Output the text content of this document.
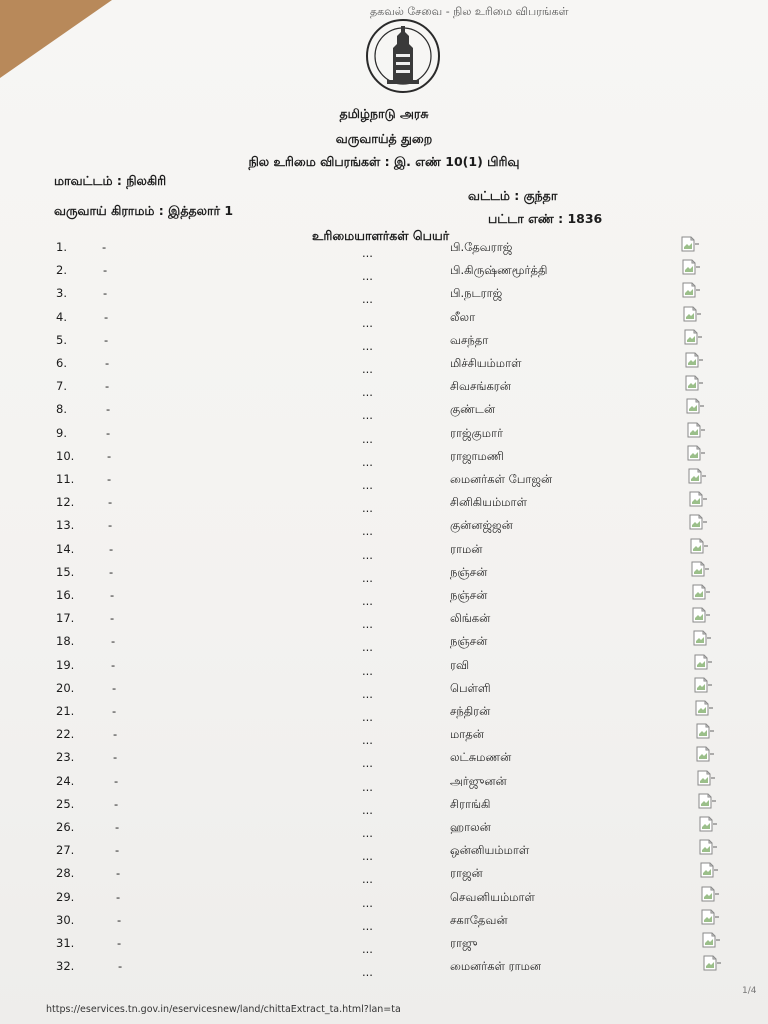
தகவல் சேவை - நில உரிமை விபரங்கள்
தமிழ்நாடு அரசு
வருவாய்த் துறை
நில உரிமை விபரங்கள் : இ. எண் 10(1) பிரிவு
மாவட்டம் : நிலகிரி
வட்டம் : குந்தா
வருவாய் கிராமம் : இத்தலார் 1
பட்டா எண் : 1836
உரிமையாளர்கள் பெயர்
1.	-	...	பி.தேவராஜ்
2.	-	...	பி.கிருஷ்ணமூர்த்தி
3.	-	...	பி.நடராஜ்
4.	-	...	லீலா
5.	-	...	வசந்தா
6.	-	...	மிச்சியம்மாள்
7.	-	...	சிவசங்கரன்
8.	-	...	குண்டன்
9.	-	...	ராஜ்குமார்
10.	-	...	ராஜாமணி
11.	-	...	மைனர்கள் போஜன்
12.	-	...	சினிகியம்மாள்
13.	-	...	குன்னஜ்ஜன்
14.	-	...	ராமன்
15.	-	...	நஞ்சன்
16.	-	...	நஞ்சன்
17.	-	...	லிங்கன்
18.	-	...	நஞ்சன்
19.	-	...	ரவி
20.	-	...	பெள்ளி
21.	-	...	சந்திரன்
22.	-	...	மாதன்
23.	-	...	லட்சுமணன்
24.	-	...	அர்ஜுனன்
25.	-	...	சிராங்கி
26.	-	...	ஹாலன்
27.	-	...	ஒன்னியம்மாள்
28.	-	...	ராஜன்
29.	-	...	செவனியம்மாள்
30.	-	...	சகாதேவன்
31.	-	...	ராஜு
32.	-	...	மைனர்கள் ராமன
https://eservices.tn.gov.in/eservicesnew/land/chittaExtract_ta.html?lan=ta
1/4
